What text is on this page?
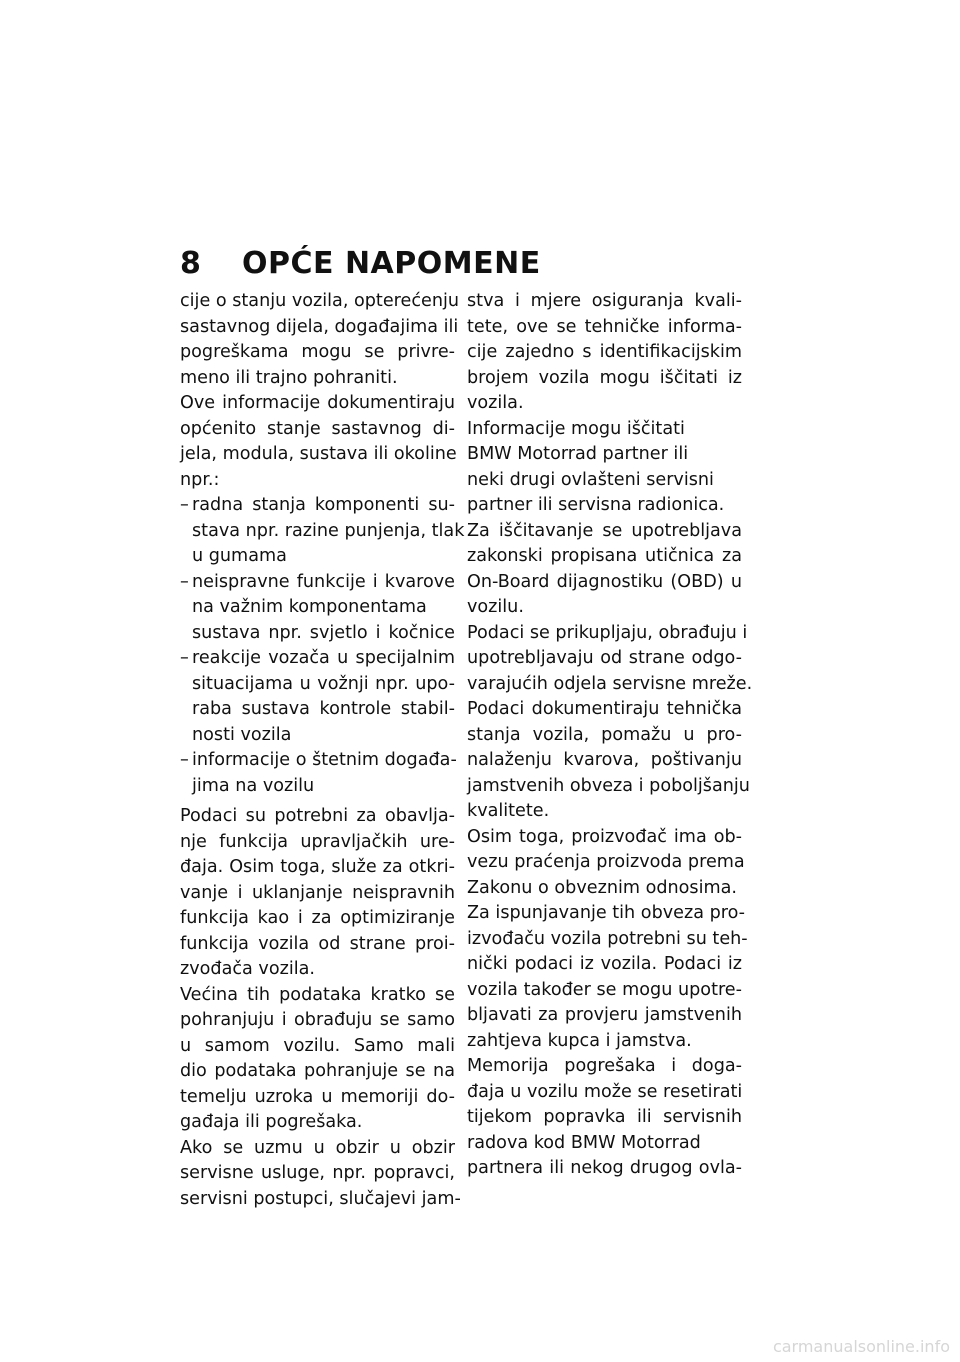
8 OPĆE NAPOMENE
cije o stanju vozila, opterećenju
sastavnog dijela, događajima ili
pogreškama mogu se privre-
meno ili trajno pohraniti.
Ove informacije dokumentiraju
općenito stanje sastavnog di-
jela, modula, sustava ili okoline
npr.:
– radna stanja komponenti su-
stava npr. razine punjenja, tlak
u gumama
– neispravne funkcije i kvarove
na važnim komponentama
sustava npr. svjetlo i kočnice
– reakcije vozača u specijalnim
situacijama u vožnji npr. upo-
raba sustava kontrole stabil-
nosti vozila
– informacije o štetnim događa-
jima na vozilu
Podaci su potrebni za obavlja-
nje funkcija upravljačkih ure-
đaja. Osim toga, služe za otkri-
vanje i uklanjanje neispravnih
funkcija kao i za optimiziranje
funkcija vozila od strane proi-
zvođača vozila.
Većina tih podataka kratko se
pohranjuju i obrađuju se samo
u samom vozilu. Samo mali
dio podataka pohranjuje se na
temelju uzroka u memoriji do-
gađaja ili pogrešaka.
Ako se uzmu u obzir u obzir
servisne usluge, npr. popravci,
servisni postupci, slučajevi jam-
stva i mjere osiguranja kvali-
tete, ove se tehničke informa-
cije zajedno s identifikacijskim
brojem vozila mogu iščitati iz
vozila.
Informacije mogu iščitati
BMW Motorrad partner ili
neki drugi ovlašteni servisni
partner ili servisna radionica.
Za iščitavanje se upotrebljava
zakonski propisana utičnica za
On-Board dijagnostiku (OBD) u
vozilu.
Podaci se prikupljaju, obrađuju i
upotrebljavaju od strane odgo-
varajućih odjela servisne mreže.
Podaci dokumentiraju tehnička
stanja vozila, pomažu u pro-
nalaženju kvarova, poštivanju
jamstvenih obveza i poboljšanju
kvalitete.
Osim toga, proizvođač ima ob-
vezu praćenja proizvoda prema
Zakonu o obveznim odnosima.
Za ispunjavanje tih obveza pro-
izvođaču vozila potrebni su teh-
nički podaci iz vozila. Podaci iz
vozila također se mogu upotre-
bljavati za provjeru jamstvenih
zahtjeva kupca i jamstva.
Memorija pogrešaka i doga-
đaja u vozilu može se resetirati
tijekom popravka ili servisnih
radova kod BMW Motorrad
partnera ili nekog drugog ovla-
carmanualsonline.info
